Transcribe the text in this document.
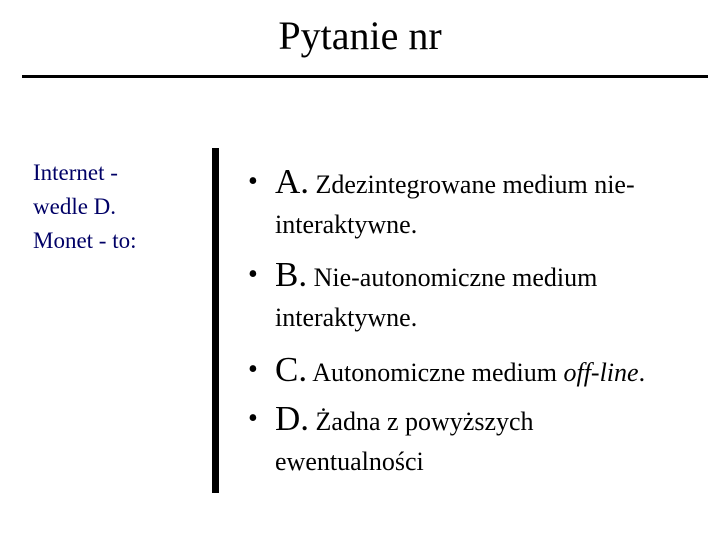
Pytanie nr
Internet -
wedle D.
Monet - to:
• A. Zdezintegrowane medium nie-
interaktywne.
• B. Nie-autonomiczne medium
interaktywne.
• C. Autonomiczne medium off-line.
• D. Żadna z powyższych
ewentualności
